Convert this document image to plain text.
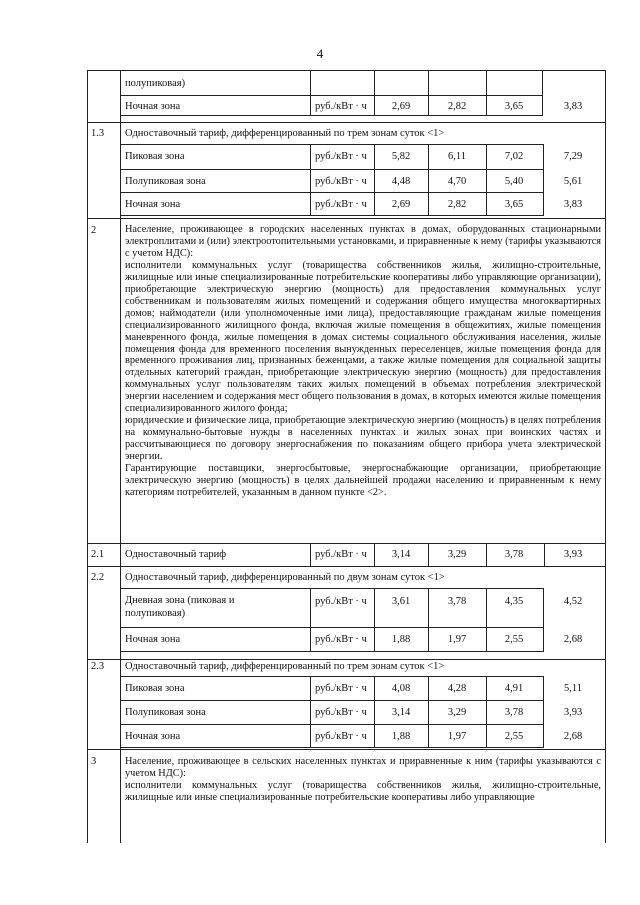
4
полупиковая)
Ночная зона	руб./кВт · ч	2,69	2,82	3,65	3,83
1.3 Одноставочный тариф, дифференцированный по трем зонам суток <1>
Пиковая зона	руб./кВт · ч	5,82	6,11	7,02	7,29
Полупиковая зона	руб./кВт · ч	4,48	4,70	5,40	5,61
Ночная зона	руб./кВт · ч	2,69	2,82	3,65	3,83
2	Население, проживающее в городских населенных пунктах в домах, оборудованных стационарными электроплитами и (или) электроотопительными установками, и приравненные к нему (тарифы указываются с учетом НДС):

исполнители коммунальных услуг (товарищества собственников жилья, жилищно-строительные, жилищные или иные специализированные потребительские кооперативы либо управляющие организации), приобретающие электрическую энергию (мощность) для предоставления коммунальных услуг собственникам и пользователям жилых помещений и содержания общего имущества многоквартирных домов; наймодатели (или уполномоченные ими лица), предоставляющие гражданам жилые помещения специализированного жилищного фонда, включая жилые помещения в общежитиях, жилые помещения маневренного фонда, жилые помещения в домах системы социального обслуживания населения, жилые помещения фонда для временного поселения вынужденных переселенцев, жилые помещения фонда для временного проживания лиц, признанных беженцами, а также жилые помещения для социальной защиты отдельных категорий граждан, приобретающие электрическую энергию (мощность) для предоставления коммунальных услуг пользователям таких жилых помещений в объемах потребления электрической энергии населением и содержания мест общего пользования в домах, в которых имеются жилые помещения специализированного жилого фонда;

юридические и физические лица, приобретающие электрическую энергию (мощность) в целях потребления на коммунально-бытовые нужды в населенных пунктах и жилых зонах при воинских частях и рассчитывающиеся по договору энергоснабжения по показаниям общего прибора учета электрической энергии.

Гарантирующие поставщики, энергосбытовые, энергоснабжающие организации, приобретающие электрическую энергию (мощность) в целях дальнейшей продажи населению и приравненным к нему категориям потребителей, указанным в данном пункте <2>.

2.1 Одноставочный тариф	руб./кВт · ч	3,14	3,29	3,78	3,93
2.2 Одноставочный тариф, дифференцированный по двум зонам суток <1>
Дневная зона (пиковая и
полупиковая)
руб./кВт · ч	3,61	3,78	4,35	4,52
Ночная зона	руб./кВт · ч	1,88	1,97	2,55	2,68
2.3 Одноставочный тариф, дифференцированный по трем зонам суток <1>
Пиковая зона	руб./кВт · ч	4,08	4,28	4,91	5,11
Полупиковая зона	руб./кВт · ч	3,14	3,29	3,78	3,93
Ночная зона	руб./кВт · ч	1,88	1,97	2,55	2,68
3	Население, проживающее в сельских населенных пунктах и приравненные к ним (тарифы указываются с учетом НДС):

исполнители коммунальных услуг (товарищества собственников жилья, жилищно-строительные, жилищные или иные специализированные потребительские кооперативы либо управляющие
